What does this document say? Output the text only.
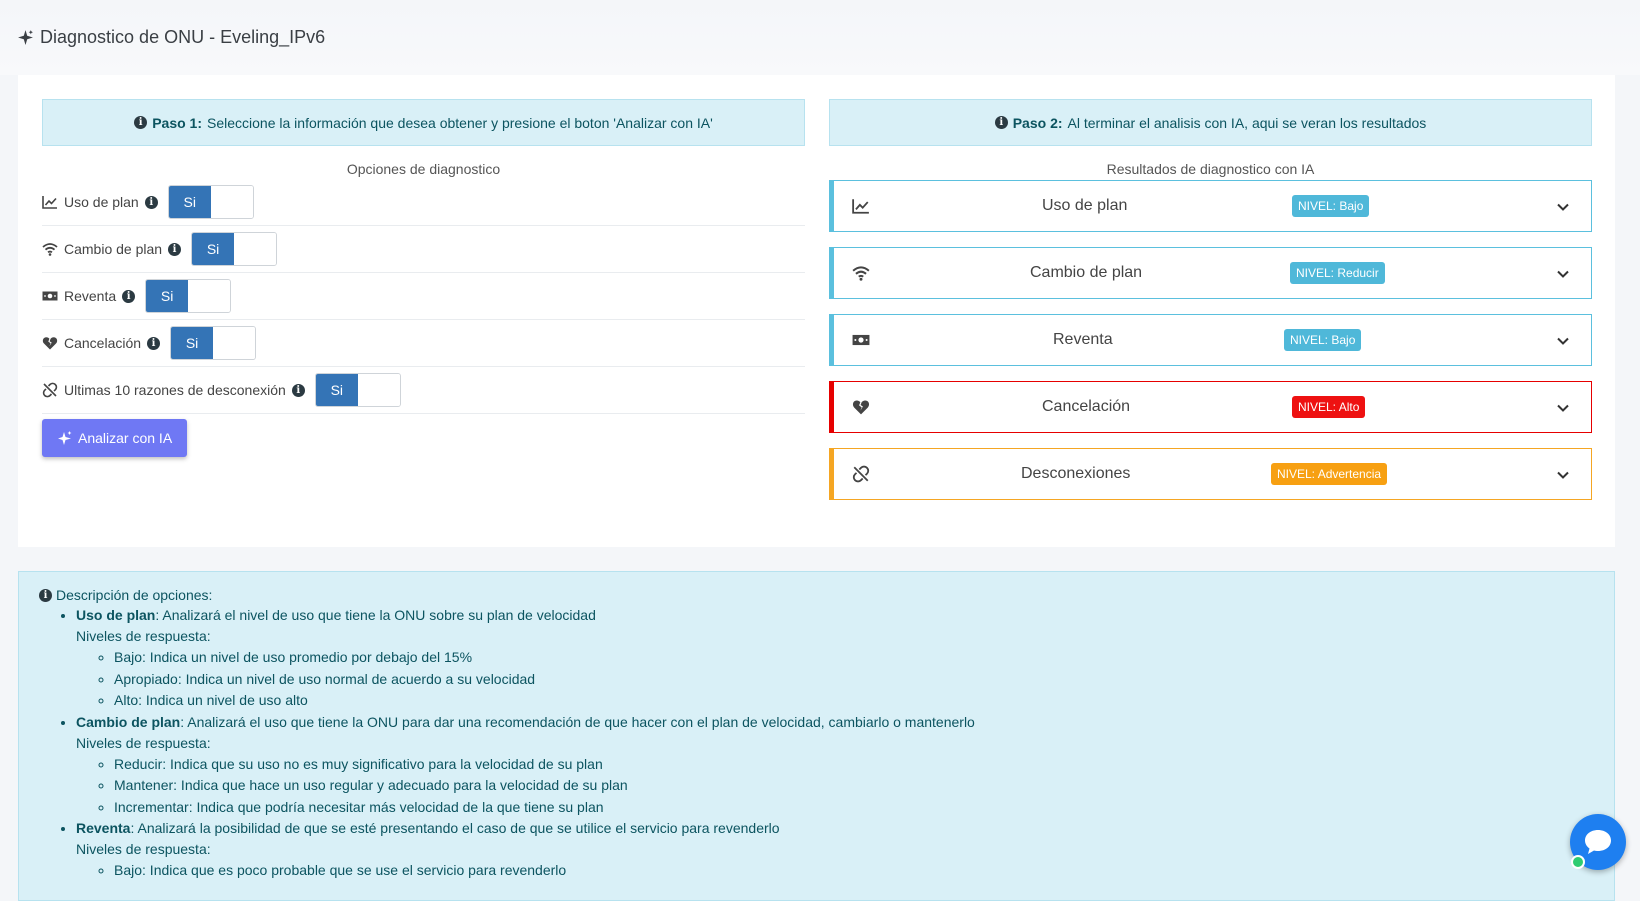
Diagnostico de ONU - Eveling_IPv6
i Paso 1: Seleccione la información que desea obtener y presione el boton 'Analizar con IA'
Opciones de diagnostico
Uso de plan	i	Si
Cambio de plan	i	Si
Reventa	i	Si
Cancelación	i	Si
Ultimas 10 razones de desconexión	i	Si
Analizar con IA
i Paso 2: Al terminar el analisis con IA, aqui se veran los resultados
Resultados de diagnostico con IA
Uso de plan	NIVEL: Bajo
Cambio de plan	NIVEL: Reducir
Reventa	NIVEL: Bajo
Cancelación	NIVEL: Alto
Desconexiones	NIVEL: Advertencia
i Descripción de opciones:
• Uso de plan: Analizará el nivel de uso que tiene la ONU sobre su plan de velocidad
Niveles de respuesta:
◦ Bajo: Indica un nivel de uso promedio por debajo del 15%
◦ Apropiado: Indica un nivel de uso normal de acuerdo a su velocidad
◦ Alto: Indica un nivel de uso alto
• Cambio de plan: Analizará el uso que tiene la ONU para dar una recomendación de que hacer con el plan de velocidad, cambiarlo o mantenerlo
Niveles de respuesta:
◦ Reducir: Indica que su uso no es muy significativo para la velocidad de su plan
◦ Mantener: Indica que hace un uso regular y adecuado para la velocidad de su plan
◦ Incrementar: Indica que podría necesitar más velocidad de la que tiene su plan
• Reventa: Analizará la posibilidad de que se esté presentando el caso de que se utilice el servicio para revenderlo
Niveles de respuesta:
◦ Bajo: Indica que es poco probable que se use el servicio para revenderlo
